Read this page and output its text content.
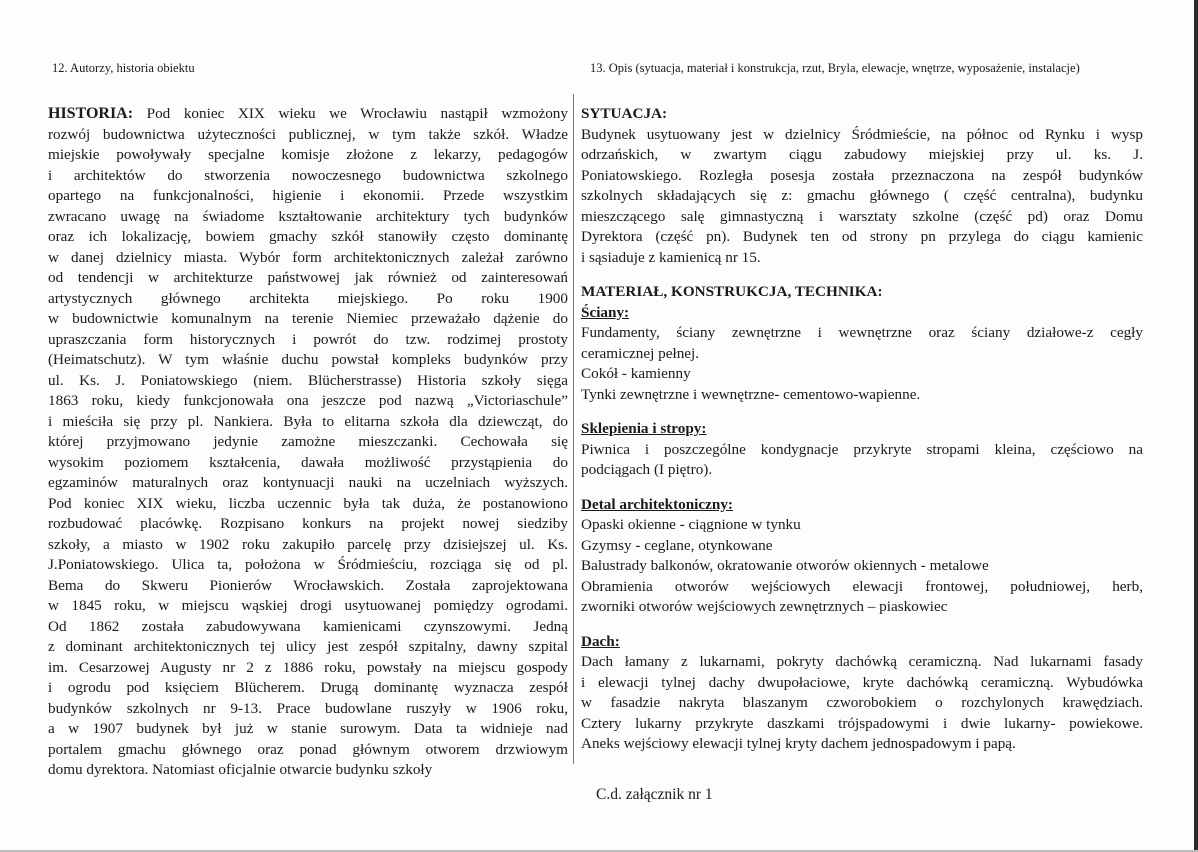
12. Autorzy, historia obiektu	13. Opis (sytuacja, materiał i konstrukcja, rzut, Bryla, elewacje, wnętrze, wyposażenie, instalacje)
HISTORIA: Pod koniec XIX wieku we Wrocławiu nastąpił wzmożony
rozwój budownictwa użyteczności publicznej, w tym także szkół. Władze
miejskie powoływały specjalne komisje złożone z lekarzy, pedagogów
i architektów do stworzenia nowoczesnego budownictwa szkolnego
opartego na funkcjonalności, higienie i ekonomii. Przede wszystkim
zwracano uwagę na świadome kształtowanie architektury tych budynków
oraz ich lokalizację, bowiem gmachy szkół stanowiły często dominantę
w danej dzielnicy miasta. Wybór form architektonicznych zależał zarówno
od tendencji w architekturze państwowej jak również od zainteresowań
artystycznych głównego architekta miejskiego. Po roku 1900
w budownictwie komunalnym na terenie Niemiec przeważało dążenie do
upraszczania form historycznych i powrót do tzw. rodzimej prostoty
(Heimatschutz). W tym właśnie duchu powstał kompleks budynków przy
ul. Ks. J. Poniatowskiego (niem. Blücherstrasse) Historia szkoły sięga
1863 roku, kiedy funkcjonowała ona jeszcze pod nazwą „Victoriaschule”
i mieściła się przy pl. Nankiera. Była to elitarna szkoła dla dziewcząt, do
której przyjmowano jedynie zamożne mieszczanki. Cechowała się
wysokim poziomem kształcenia, dawała możliwość przystąpienia do
egzaminów maturalnych oraz kontynuacji nauki na uczelniach wyższych.
Pod koniec XIX wieku, liczba uczennic była tak duża, że postanowiono
rozbudować placówkę. Rozpisano konkurs na projekt nowej siedziby
szkoły, a miasto w 1902 roku zakupiło parcelę przy dzisiejszej ul. Ks.
J.Poniatowskiego. Ulica ta, położona w Śródmieściu, rozciąga się od pl.
Bema do Skweru Pionierów Wrocławskich. Została zaprojektowana
w 1845 roku, w miejscu wąskiej drogi usytuowanej pomiędzy ogrodami.
Od 1862 została zabudowywana kamienicami czynszowymi. Jedną
z dominant architektonicznych tej ulicy jest zespół szpitalny, dawny szpital
im. Cesarzowej Augusty nr 2 z 1886 roku, powstały na miejscu gospody
i ogrodu pod księciem Blücherem. Drugą dominantę wyznacza zespół
budynków szkolnych nr 9-13. Prace budowlane ruszyły w 1906 roku,
a w 1907 budynek był już w stanie surowym. Data ta widnieje nad
portalem gmachu głównego oraz ponad głównym otworem drzwiowym
domu dyrektora. Natomiast oficjalnie otwarcie budynku szkoły
SYTUACJA:
Budynek usytuowany jest w dzielnicy Śródmieście, na północ od Rynku i wysp
odrzańskich, w zwartym ciągu zabudowy miejskiej przy ul. ks. J.
Poniatowskiego. Rozległa posesja została przeznaczona na zespół budynków
szkolnych składających się z: gmachu głównego ( część centralna), budynku
mieszczącego salę gimnastyczną i warsztaty szkolne (część pd) oraz Domu
Dyrektora (część pn). Budynek ten od strony pn przylega do ciągu kamienic
i sąsiaduje z kamienicą nr 15.
MATERIAŁ, KONSTRUKCJA, TECHNIKA:
Ściany:
Fundamenty, ściany zewnętrzne i wewnętrzne oraz ściany działowe-z cegły
ceramicznej pełnej.
Cokół - kamienny
Tynki zewnętrzne i wewnętrzne- cementowo-wapienne.
Sklepienia i stropy:
Piwnica i poszczególne kondygnacje przykryte stropami kleina, częściowo na
podciągach (I piętro).
Detal architektoniczny:
Opaski okienne - ciągnione w tynku
Gzymsy - ceglane, otynkowane
Balustrady balkonów, okratowanie otworów okiennych - metalowe
Obramienia otworów wejściowych elewacji frontowej, południowej, herb,
zworniki otworów wejściowych zewnętrznych – piaskowiec
Dach:
Dach łamany z lukarnami, pokryty dachówką ceramiczną. Nad lukarnami fasady
i elewacji tylnej dachy dwupołaciowe, kryte dachówką ceramiczną. Wybudówka
w fasadzie nakryta blaszanym czworobokiem o rozchylonych krawędziach.
Cztery lukarny przykryte daszkami trójspadowymi i dwie lukarny- powiekowe.
Aneks wejściowy elewacji tylnej kryty dachem jednospadowym i papą.
C.d. załącznik nr 1
